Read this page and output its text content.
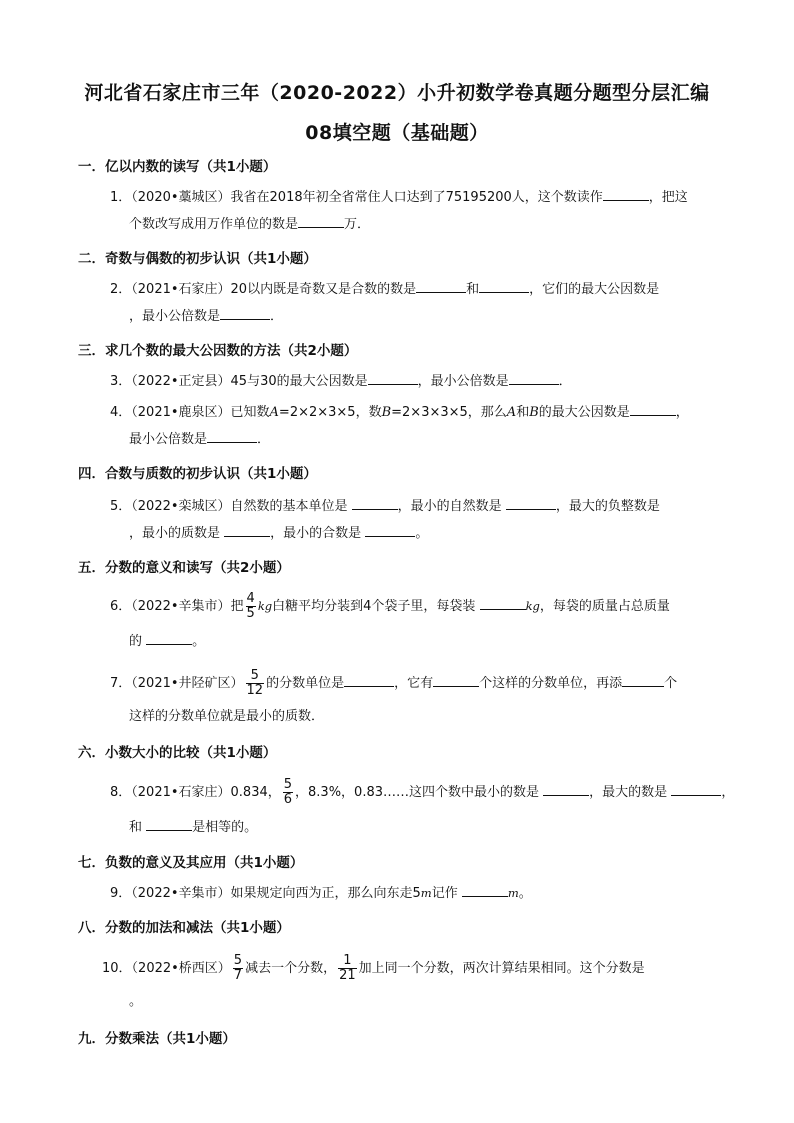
河北省石家庄市三年（2020-2022）小升初数学卷真题分题型分层汇编
08填空题（基础题）
一．亿以内数的读写（共1小题）
1．（2020•藁城区）我省在2018年初全省常住人口达到了75195200人，这个数读作	，把这
个数改写成用万作单位的数是	万．
二．奇数与偶数的初步认识（共1小题）
2．（2021•石家庄）20以内既是奇数又是合数的数是	和	，它们的最大公因数是
，最小公倍数是	．
三．求几个数的最大公因数的方法（共2小题）
3．（2022•正定县）45与30的最大公因数是	，最小公倍数是	．
4．（2021•鹿泉区）已知数A=2×2×3×5，数B=2×3×3×5，那么A和B的最大公因数是	，
最小公倍数是	．
四．合数与质数的初步认识（共1小题）
5．（2022•栾城区）自然数的基本单位是	，最小的自然数是	，最大的负整数是
，最小的质数是	，最小的合数是	。
五．分数的意义和读写（共2小题）
6．（2022•辛集市）把 $\frac{4}{5}$ kg白糖平均分装到4个袋子里，每袋装	kg，每袋的质量占总质量
的	。
7．（2021•井陉矿区） $\frac{5}{12}$ 的分数单位是	，它有	个这样的分数单位，再添	个
这样的分数单位就是最小的质数．
六．小数大小的比较（共1小题）
8．（2021•石家庄）0.834， $\frac{5}{6}$ ，8.3%，0.83……这四个数中最小的数是	，最大的数是	，
和	是相等的。
七．负数的意义及其应用（共1小题）
9．（2022•辛集市）如果规定向西为正，那么向东走5m记作	m。
八．分数的加法和减法（共1小题）
10．（2022•桥西区） $\frac{5}{7}$ 减去一个分数， $\frac{1}{21}$ 加上同一个分数，两次计算结果相同。这个分数是
。
九．分数乘法（共1小题）
